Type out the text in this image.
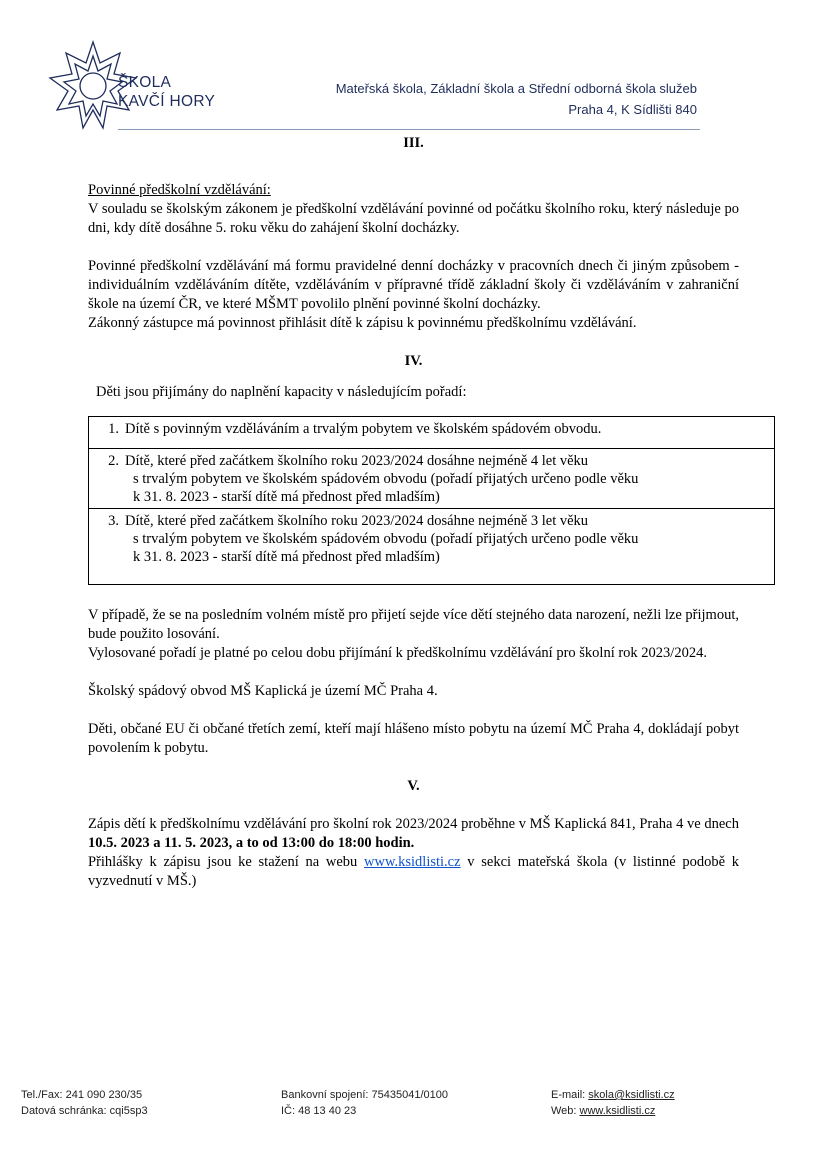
ŠKOLA
KAVČÍ HORY
Mateřská škola, Základní škola a Střední odborná škola služeb
Praha 4, K Sídlišti 840
III.

Povinné předškolní vzdělávání:

V souladu se školským zákonem je předškolní vzdělávání povinné od počátku školního roku, který následuje po dni, kdy dítě dosáhne 5. roku věku do zahájení školní docházky.

Povinné předškolní vzdělávání má formu pravidelné denní docházky v pracovních dnech či jiným způsobem - individuálním vzděláváním dítěte, vzděláváním v přípravné třídě základní školy či vzděláváním v zahraniční škole na území ČR, ve které MŠMT povolilo plnění povinné školní docházky.

Zákonný zástupce má povinnost přihlásit dítě k zápisu k povinnému předškolnímu vzdělávání.

IV.

Děti jsou přijímány do naplnění kapacity v následujícím pořadí:

1. Dítě s povinným vzděláváním a trvalým pobytem ve školském spádovém obvodu.

2. Dítě, které před začátkem školního roku 2023/2024 dosáhne nejméně 4 let věku
s trvalým pobytem ve školském spádovém obvodu (pořadí přijatých určeno podle věku
k 31. 8. 2023 - starší dítě má přednost před mladším)

3. Dítě, které před začátkem školního roku 2023/2024 dosáhne nejméně 3 let věku
s trvalým pobytem ve školském spádovém obvodu (pořadí přijatých určeno podle věku
k 31. 8. 2023 - starší dítě má přednost před mladším)

V případě, že se na posledním volném místě pro přijetí sejde více dětí stejného data narození, nežli lze přijmout, bude použito losování.

Vylosované pořadí je platné po celou dobu přijímání k předškolnímu vzdělávání pro školní rok 2023/2024.

Školský spádový obvod MŠ Kaplická je území MČ Praha 4.

Děti, občané EU či občané třetích zemí, kteří mají hlášeno místo pobytu na území MČ Praha 4, dokládají pobyt povolením k pobytu.

V.

Zápis dětí k předškolnímu vzdělávání pro školní rok 2023/2024 proběhne v MŠ Kaplická 841, Praha 4 ve dnech 10.5. 2023 a 11. 5. 2023, a to od 13:00 do 18:00 hodin.

Přihlášky k zápisu jsou ke stažení na webu www.ksidlisti.cz v sekci mateřská škola (v listinné podobě k vyzvednutí v MŠ.)

Tel./Fax: 241 090 230/35
Datová schránka: cqi5sp3
Bankovní spojení: 75435041/0100
IČ: 48 13 40 23
E-mail: skola@ksidlisti.cz
Web: www.ksidlisti.cz
